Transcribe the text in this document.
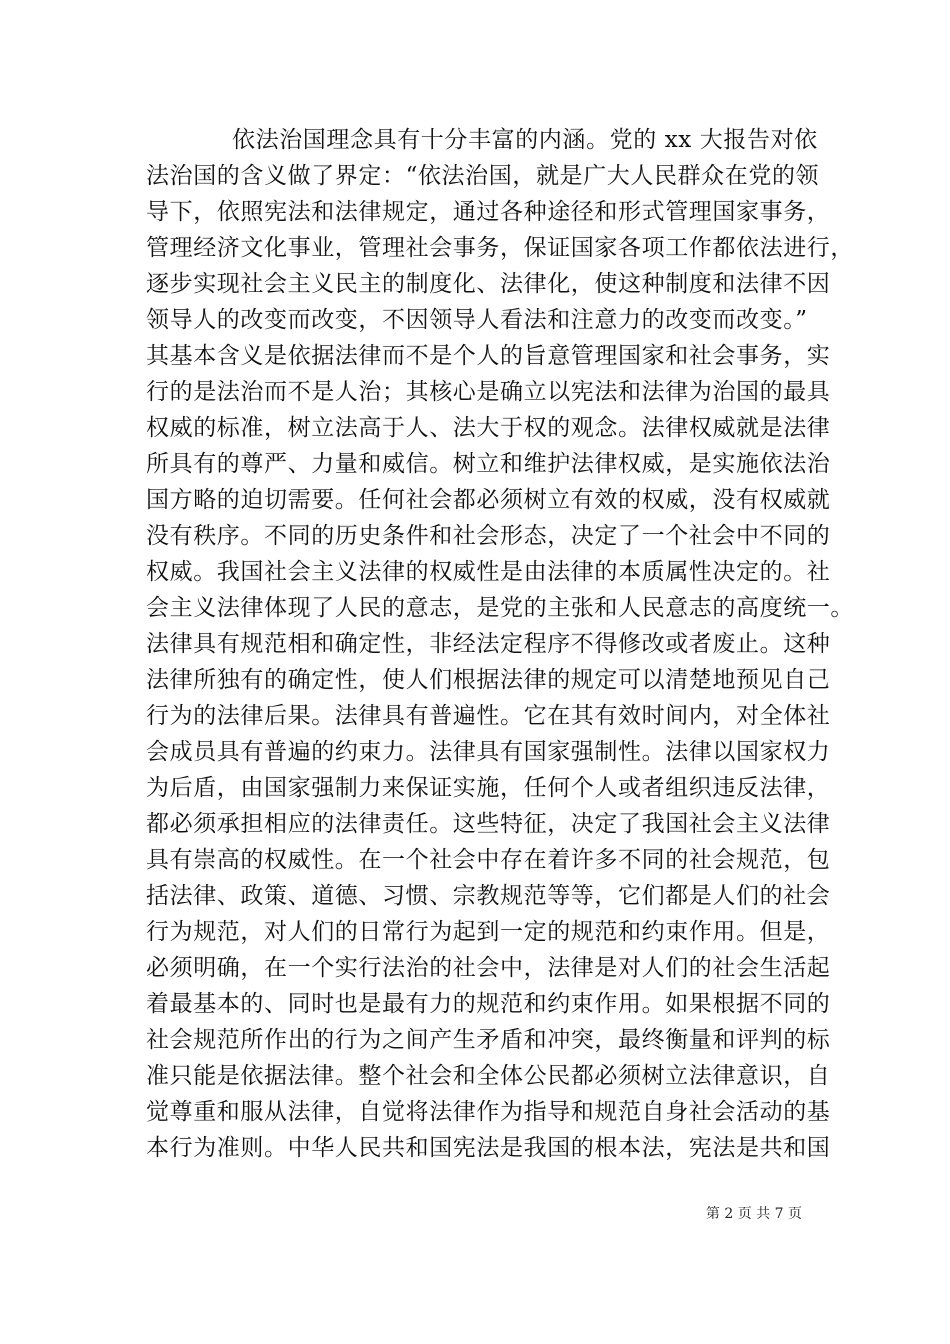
依法治国理念具有十分丰富的内涵。党的 xx 大报告对依
法治国的含义做了界定：“依法治国，就是广大人民群众在党的领
导下，依照宪法和法律规定，通过各种途径和形式管理国家事务，
管理经济文化事业，管理社会事务，保证国家各项工作都依法进行，
逐步实现社会主义民主的制度化、法律化，使这种制度和法律不因
领导人的改变而改变，不因领导人看法和注意力的改变而改变。”
其基本含义是依据法律而不是个人的旨意管理国家和社会事务，实
行的是法治而不是人治；其核心是确立以宪法和法律为治国的最具
权威的标准，树立法高于人、法大于权的观念。法律权威就是法律
所具有的尊严、力量和威信。树立和维护法律权威，是实施依法治
国方略的迫切需要。任何社会都必须树立有效的权威，没有权威就
没有秩序。不同的历史条件和社会形态，决定了一个社会中不同的
权威。我国社会主义法律的权威性是由法律的本质属性决定的。社
会主义法律体现了人民的意志，是党的主张和人民意志的高度统一。
法律具有规范相和确定性，非经法定程序不得修改或者废止。这种
法律所独有的确定性，使人们根据法律的规定可以清楚地预见自己
行为的法律后果。法律具有普遍性。它在其有效时间内，对全体社
会成员具有普遍的约束力。法律具有国家强制性。法律以国家权力
为后盾，由国家强制力来保证实施，任何个人或者组织违反法律，
都必须承担相应的法律责任。这些特征，决定了我国社会主义法律
具有崇高的权威性。在一个社会中存在着许多不同的社会规范，包
括法律、政策、道德、习惯、宗教规范等等，它们都是人们的社会
行为规范，对人们的日常行为起到一定的规范和约束作用。但是，
必须明确，在一个实行法治的社会中，法律是对人们的社会生活起
着最基本的、同时也是最有力的规范和约束作用。如果根据不同的
社会规范所作出的行为之间产生矛盾和冲突，最终衡量和评判的标
准只能是依据法律。整个社会和全体公民都必须树立法律意识，自
觉尊重和服从法律，自觉将法律作为指导和规范自身社会活动的基
本行为准则。中华人民共和国宪法是我国的根本法，宪法是共和国
第 2 页 共 7 页
